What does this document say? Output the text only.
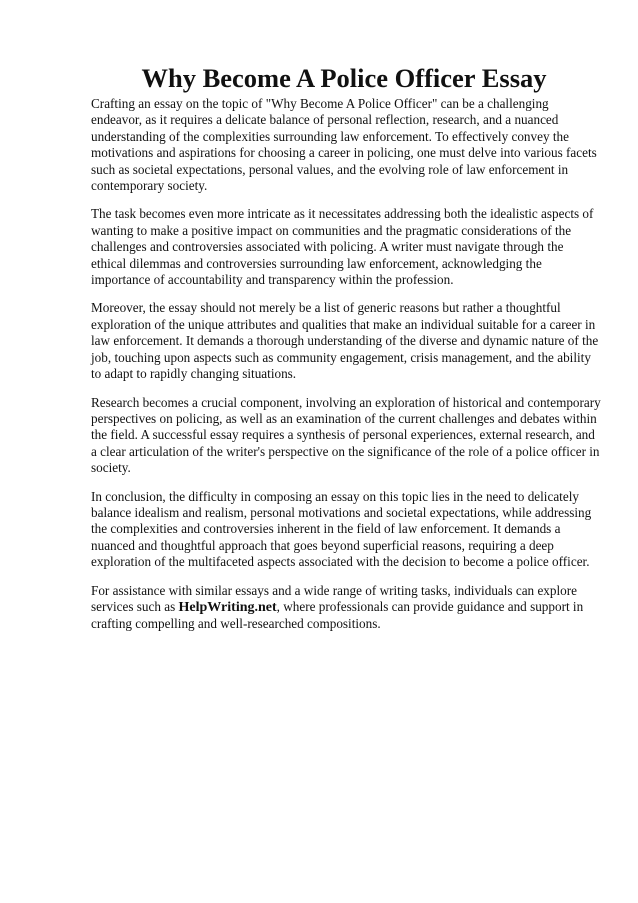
Why Become A Police Officer Essay

Crafting an essay on the topic of "Why Become A Police Officer" can be a challenging endeavor, as it requires a delicate balance of personal reflection, research, and a nuanced understanding of the complexities surrounding law enforcement. To effectively convey the motivations and aspirations for choosing a career in policing, one must delve into various facets such as societal expectations, personal values, and the evolving role of law enforcement in contemporary society.

The task becomes even more intricate as it necessitates addressing both the idealistic aspects of wanting to make a positive impact on communities and the pragmatic considerations of the challenges and controversies associated with policing. A writer must navigate through the ethical dilemmas and controversies surrounding law enforcement, acknowledging the importance of accountability and transparency within the profession.

Moreover, the essay should not merely be a list of generic reasons but rather a thoughtful exploration of the unique attributes and qualities that make an individual suitable for a career in law enforcement. It demands a thorough understanding of the diverse and dynamic nature of the job, touching upon aspects such as community engagement, crisis management, and the ability to adapt to rapidly changing situations.

Research becomes a crucial component, involving an exploration of historical and contemporary perspectives on policing, as well as an examination of the current challenges and debates within the field. A successful essay requires a synthesis of personal experiences, external research, and a clear articulation of the writer's perspective on the significance of the role of a police officer in society.

In conclusion, the difficulty in composing an essay on this topic lies in the need to delicately balance idealism and realism, personal motivations and societal expectations, while addressing the complexities and controversies inherent in the field of law enforcement. It demands a nuanced and thoughtful approach that goes beyond superficial reasons, requiring a deep exploration of the multifaceted aspects associated with the decision to become a police officer.

For assistance with similar essays and a wide range of writing tasks, individuals can explore services such as HelpWriting.net, where professionals can provide guidance and support in crafting compelling and well-researched compositions.
